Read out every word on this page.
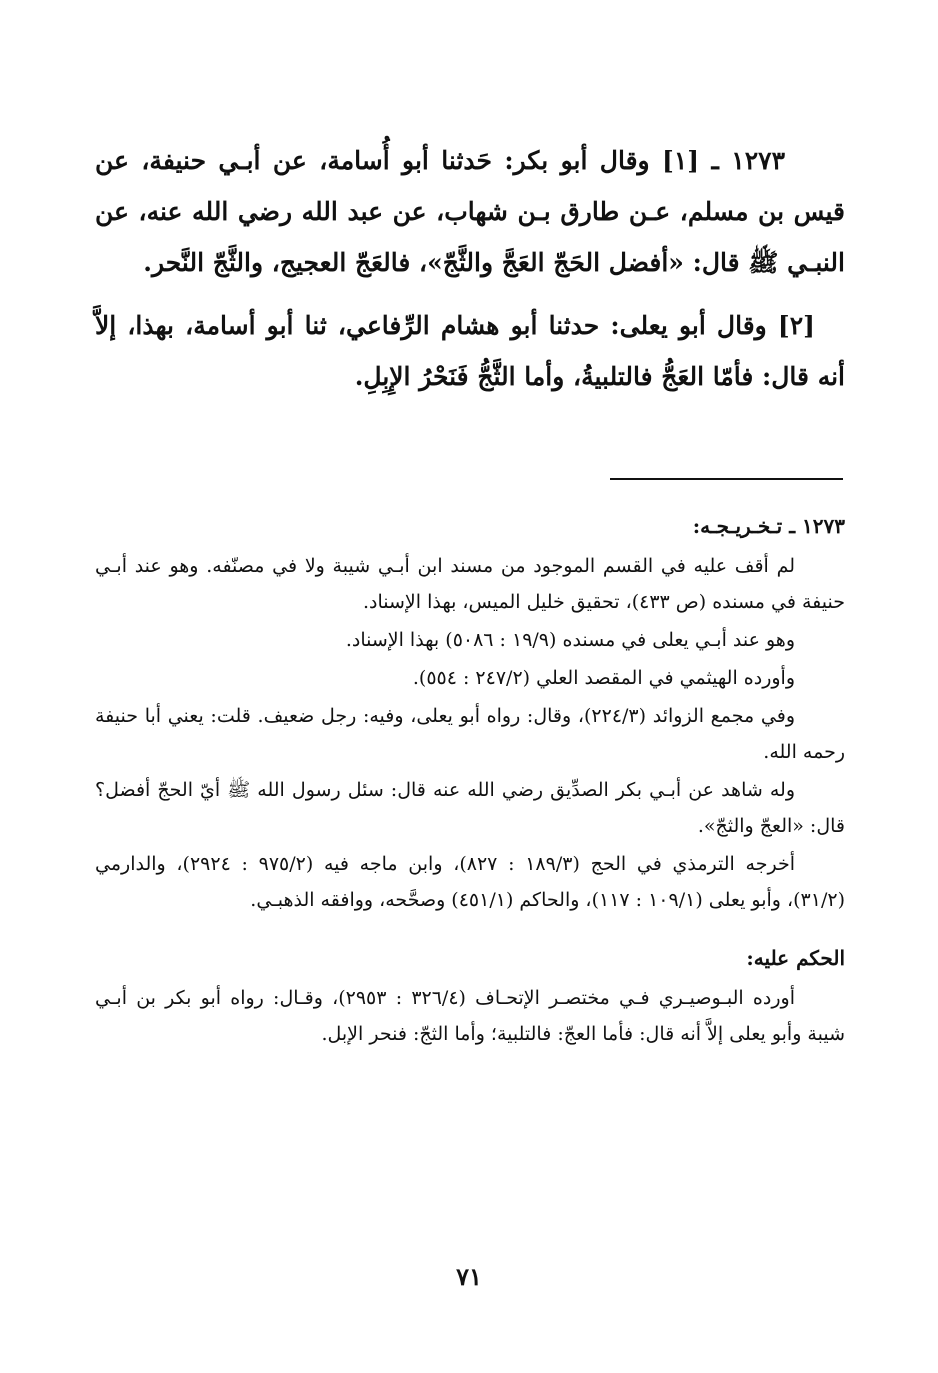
١٢٧٣ ـ [١] وقال أبو بكر: حَدثنا أبو أُسامة، عن أبـي حنيفة، عن قيس بن مسلم، عـن طارق بـن شهاب، عن عبد الله رضي الله عنه، عن النبـي ﷺ قال: «أفضل الحَجّ العَجَّ والثَّجّ»، فالعَجّ العجيج، والثَّجّ النَّحر.

[٢] وقال أبو يعلى: حدثنا أبو هشام الرِّفاعي، ثنا أبو أسامة، بهذا، إلاَّ أنه قال: فأمّا العَجُّ فالتلبيةُ، وأما الثَّجُّ فَنَحْرُ الإِبِلِ.

١٢٧٣ ـ تـخـريـجـه:

لم أقف عليه في القسم الموجود من مسند ابن أبـي شيبة ولا في مصنّفه. وهو عند أبـي حنيفة في مسنده (ص ٤٣٣)، تحقيق خليل الميس، بهذا الإسناد.

وهو عند أبـي يعلى في مسنده (١٩/٩ : ٥٠٨٦) بهذا الإسناد.

وأورده الهيثمي في المقصد العلي (٢٤٧/٢ : ٥٥٤).

وفي مجمع الزوائد (٢٢٤/٣)، وقال: رواه أبو يعلى، وفيه: رجل ضعيف. قلت: يعني أبا حنيفة رحمه الله.

وله شاهد عن أبـي بكر الصدِّيق رضي الله عنه قال: سئل رسول الله ﷺ أيّ الحجّ أفضل؟ قال: «العجّ والثجّ».

أخرجه الترمذي في الحج (١٨٩/٣ : ٨٢٧)، وابن ماجه فيه (٩٧٥/٢ : ٢٩٢٤)، والدارمي (٣١/٢)، وأبو يعلى (١٠٩/١ : ١١٧)، والحاكم (٤٥١/١) وصحَّحه، ووافقه الذهبـي.

الحكم عليه:

أورده البـوصيـري فـي مختصـر الإتحـاف (٣٢٦/٤ : ٢٩٥٣)، وقـال: رواه أبو بكر بن أبـي شيبة وأبو يعلى إلاَّ أنه قال: فأما العجّ: فالتلبية؛ وأما الثجّ: فنحر الإبل.

٧١
